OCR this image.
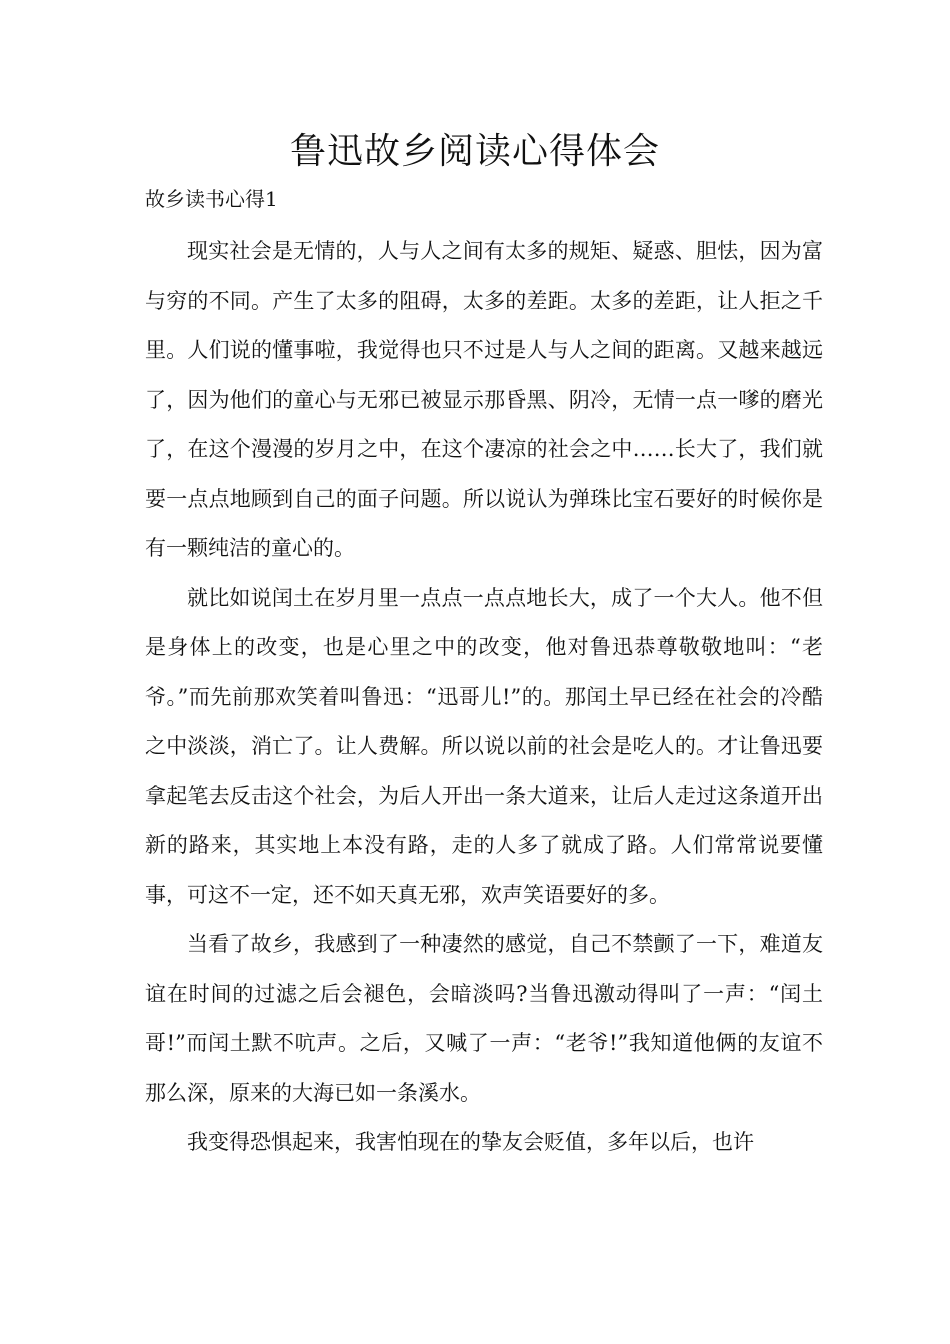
鲁迅故乡阅读心得体会
故乡读书心得1

现实社会是无情的，人与人之间有太多的规矩、疑惑、胆怯，因为富与穷的不同。产生了太多的阻碍，太多的差距。太多的差距，让人拒之千里。人们说的懂事啦，我觉得也只不过是人与人之间的距离。又越来越远了，因为他们的童心与无邪已被显示那昏黑、阴冷，无情一点一嗲的磨光了，在这个漫漫的岁月之中，在这个凄凉的社会之中……长大了，我们就要一点点地顾到自己的面子问题。所以说认为弹珠比宝石要好的时候你是有一颗纯洁的童心的。

就比如说闰土在岁月里一点点一点点地长大，成了一个大人。他不但是身体上的改变，也是心里之中的改变，他对鲁迅恭尊敬敬地叫：“老爷。”而先前那欢笑着叫鲁迅：“迅哥儿!”的。那闰土早已经在社会的冷酷之中淡淡，消亡了。让人费解。所以说以前的社会是吃人的。才让鲁迅要拿起笔去反击这个社会，为后人开出一条大道来，让后人走过这条道开出新的路来，其实地上本没有路，走的人多了就成了路。人们常常说要懂事，可这不一定，还不如天真无邪，欢声笑语要好的多。

当看了故乡，我感到了一种凄然的感觉，自己不禁颤了一下，难道友谊在时间的过滤之后会褪色，会暗淡吗?当鲁迅激动得叫了一声：“闰土哥!”而闰土默不吭声。之后，又喊了一声：“老爷!”我知道他俩的友谊不那么深，原来的大海已如一条溪水。

我变得恐惧起来，我害怕现在的挚友会贬值，多年以后，也许
